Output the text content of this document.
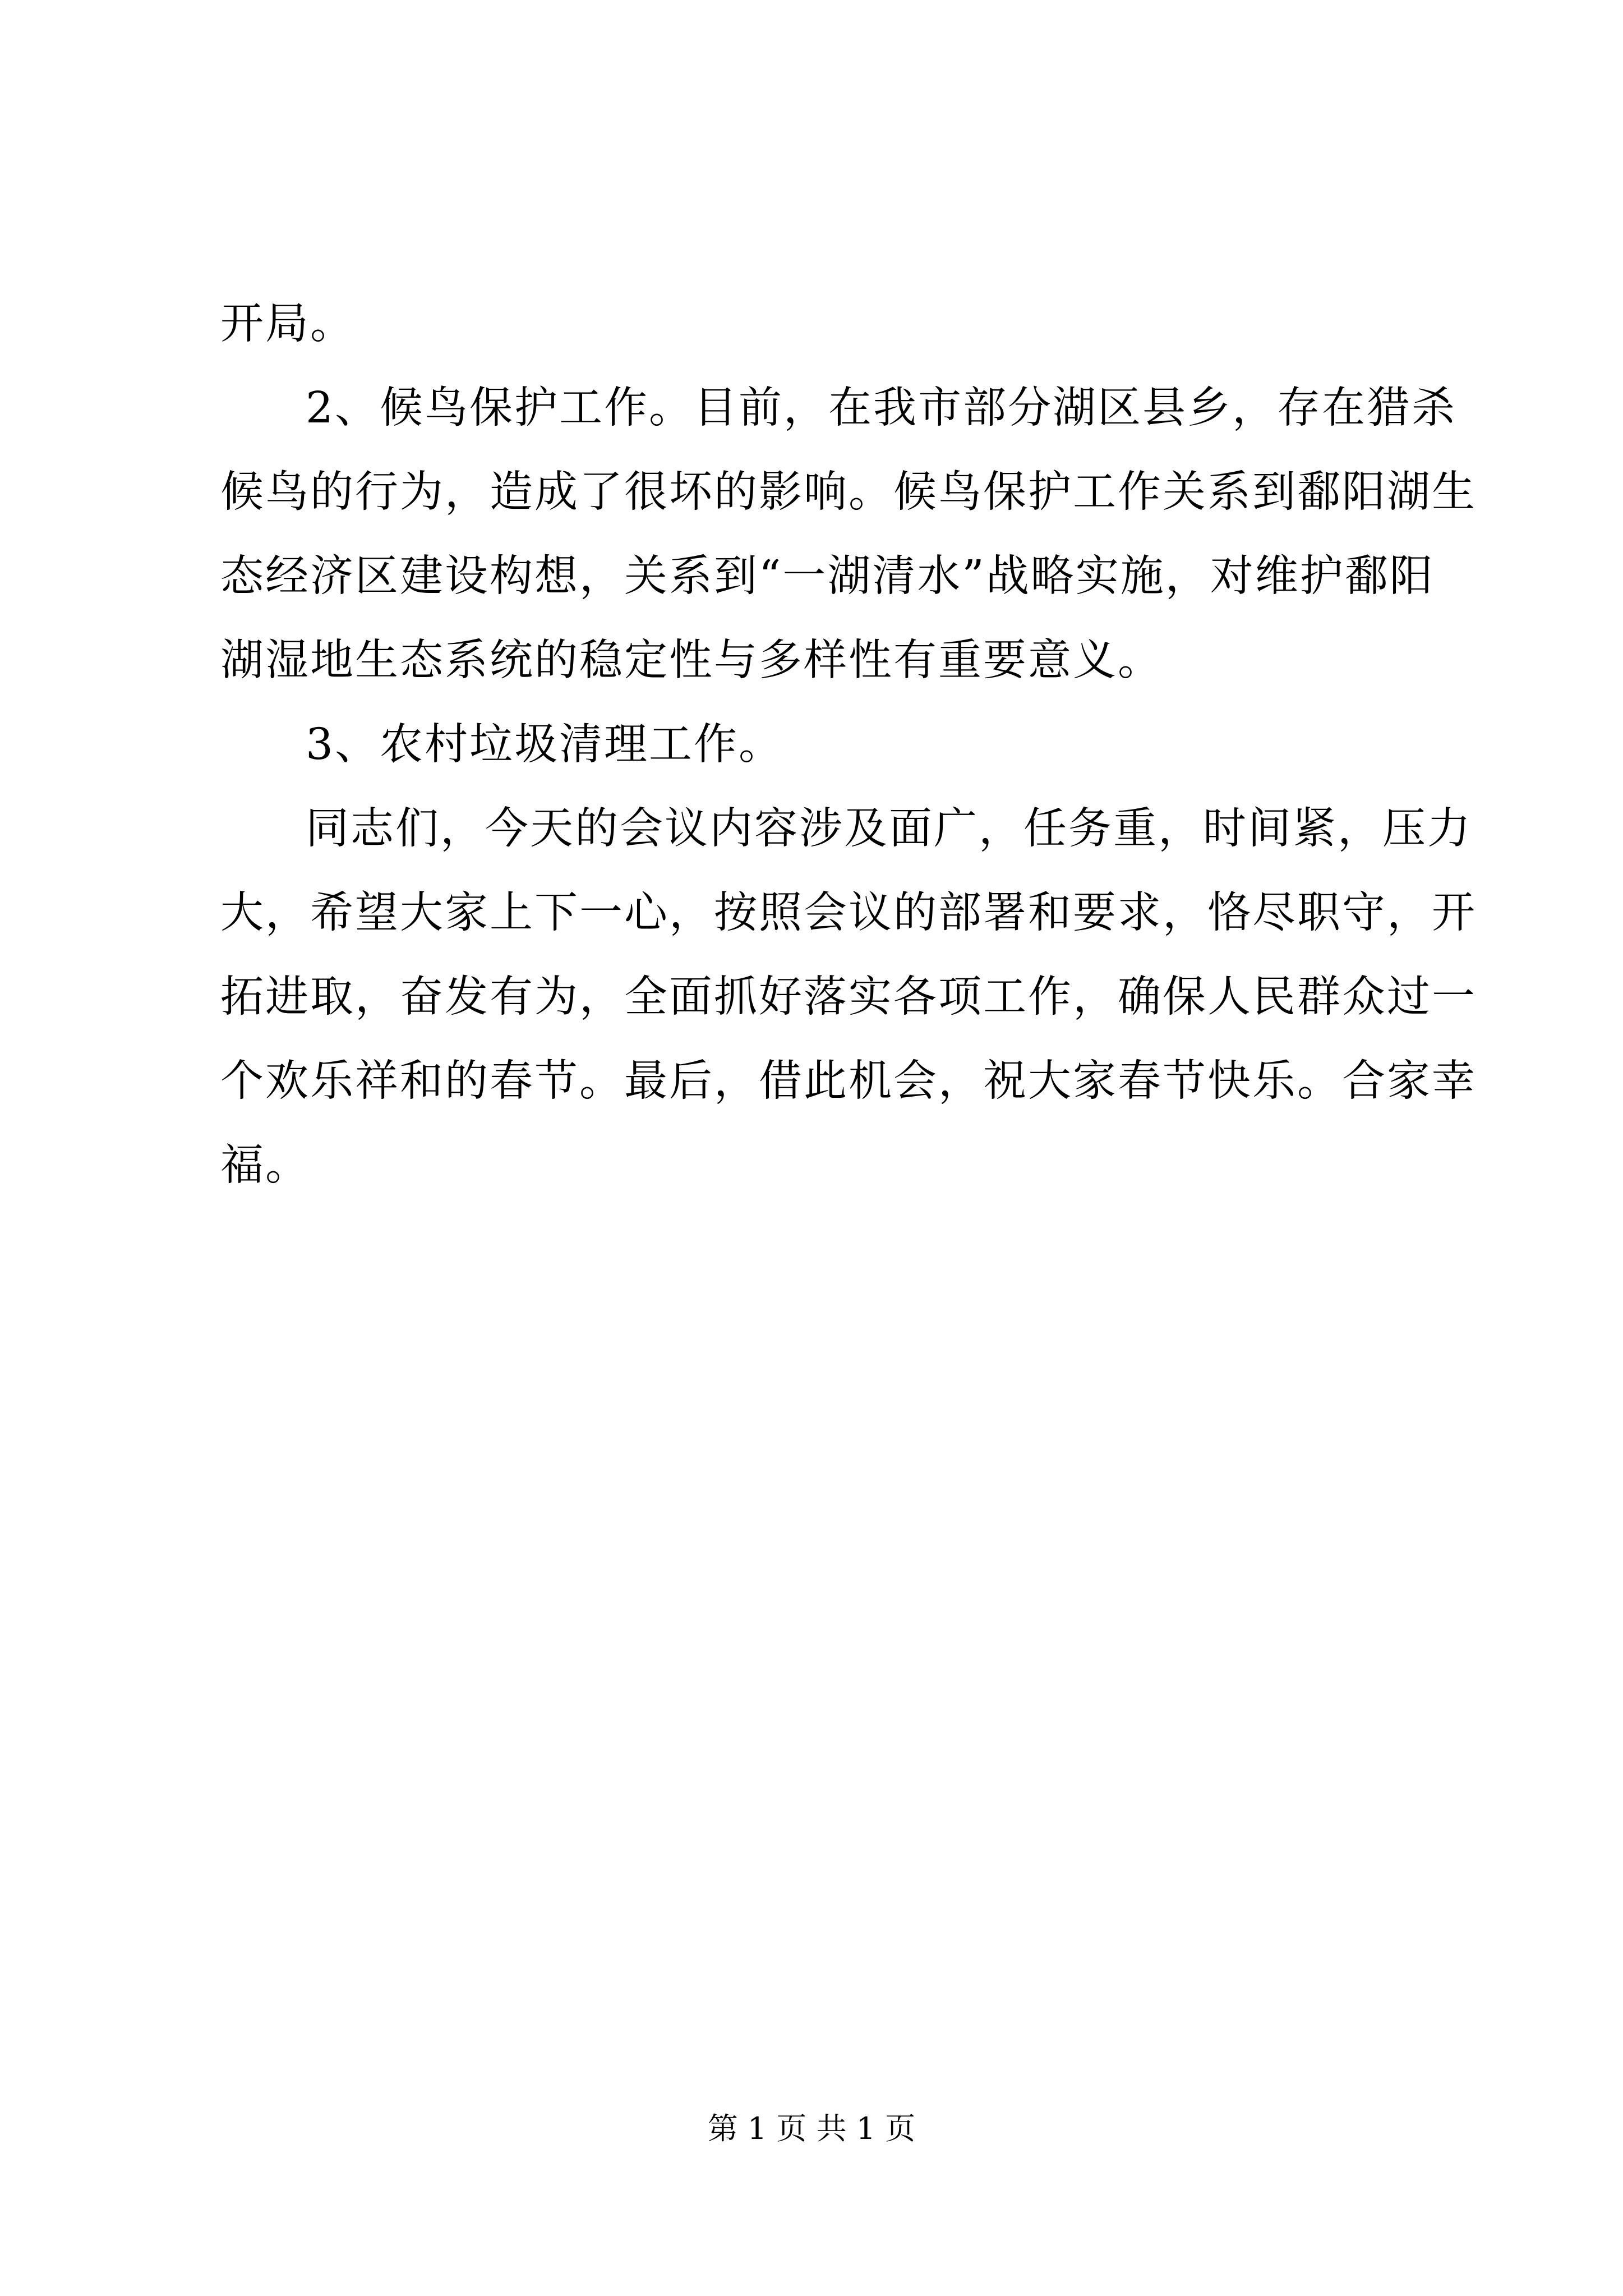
开局。
2、候鸟保护工作。目前，在我市部分湖区县乡，存在猎杀
候鸟的行为，造成了很坏的影响。候鸟保护工作关系到鄱阳湖生
态经济区建设构想，关系到“一湖清水”战略实施，对维护鄱阳
湖湿地生态系统的稳定性与多样性有重要意义。
3、农村垃圾清理工作。
同志们，今天的会议内容涉及面广，任务重，时间紧，压力
大，希望大家上下一心，按照会议的部署和要求，恪尽职守，开
拓进取，奋发有为，全面抓好落实各项工作，确保人民群众过一
个欢乐祥和的春节。最后，借此机会，祝大家春节快乐。合家幸
福。
第 1 页 共 1 页
